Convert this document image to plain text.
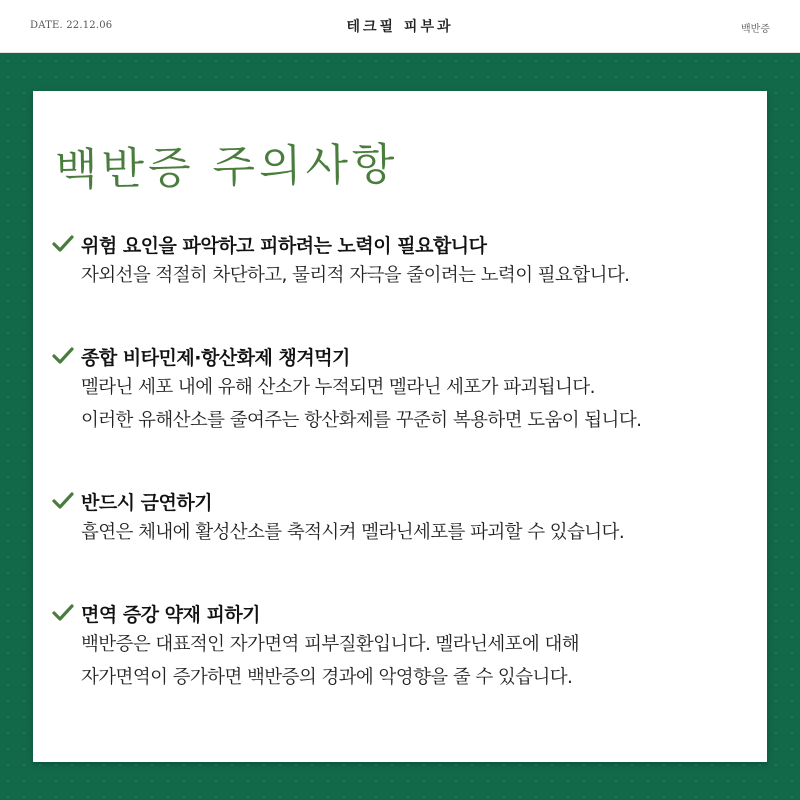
DATE. 22.12.06	테크필 피부과	백반증
백반증 주의사항
위험 요인을 파악하고 피하려는 노력이 필요합니다
자외선을 적절히 차단하고, 물리적 자극을 줄이려는 노력이 필요합니다.
종합 비타민제·항산화제 챙겨먹기
멜라닌 세포 내에 유해 산소가 누적되면 멜라닌 세포가 파괴됩니다.
이러한 유해산소를 줄여주는 항산화제를 꾸준히 복용하면 도움이 됩니다.
반드시 금연하기
흡연은 체내에 활성산소를 축적시켜 멜라닌세포를 파괴할 수 있습니다.
면역 증강 약재 피하기
백반증은 대표적인 자가면역 피부질환입니다. 멜라닌세포에 대해
자가면역이 증가하면 백반증의 경과에 악영향을 줄 수 있습니다.
